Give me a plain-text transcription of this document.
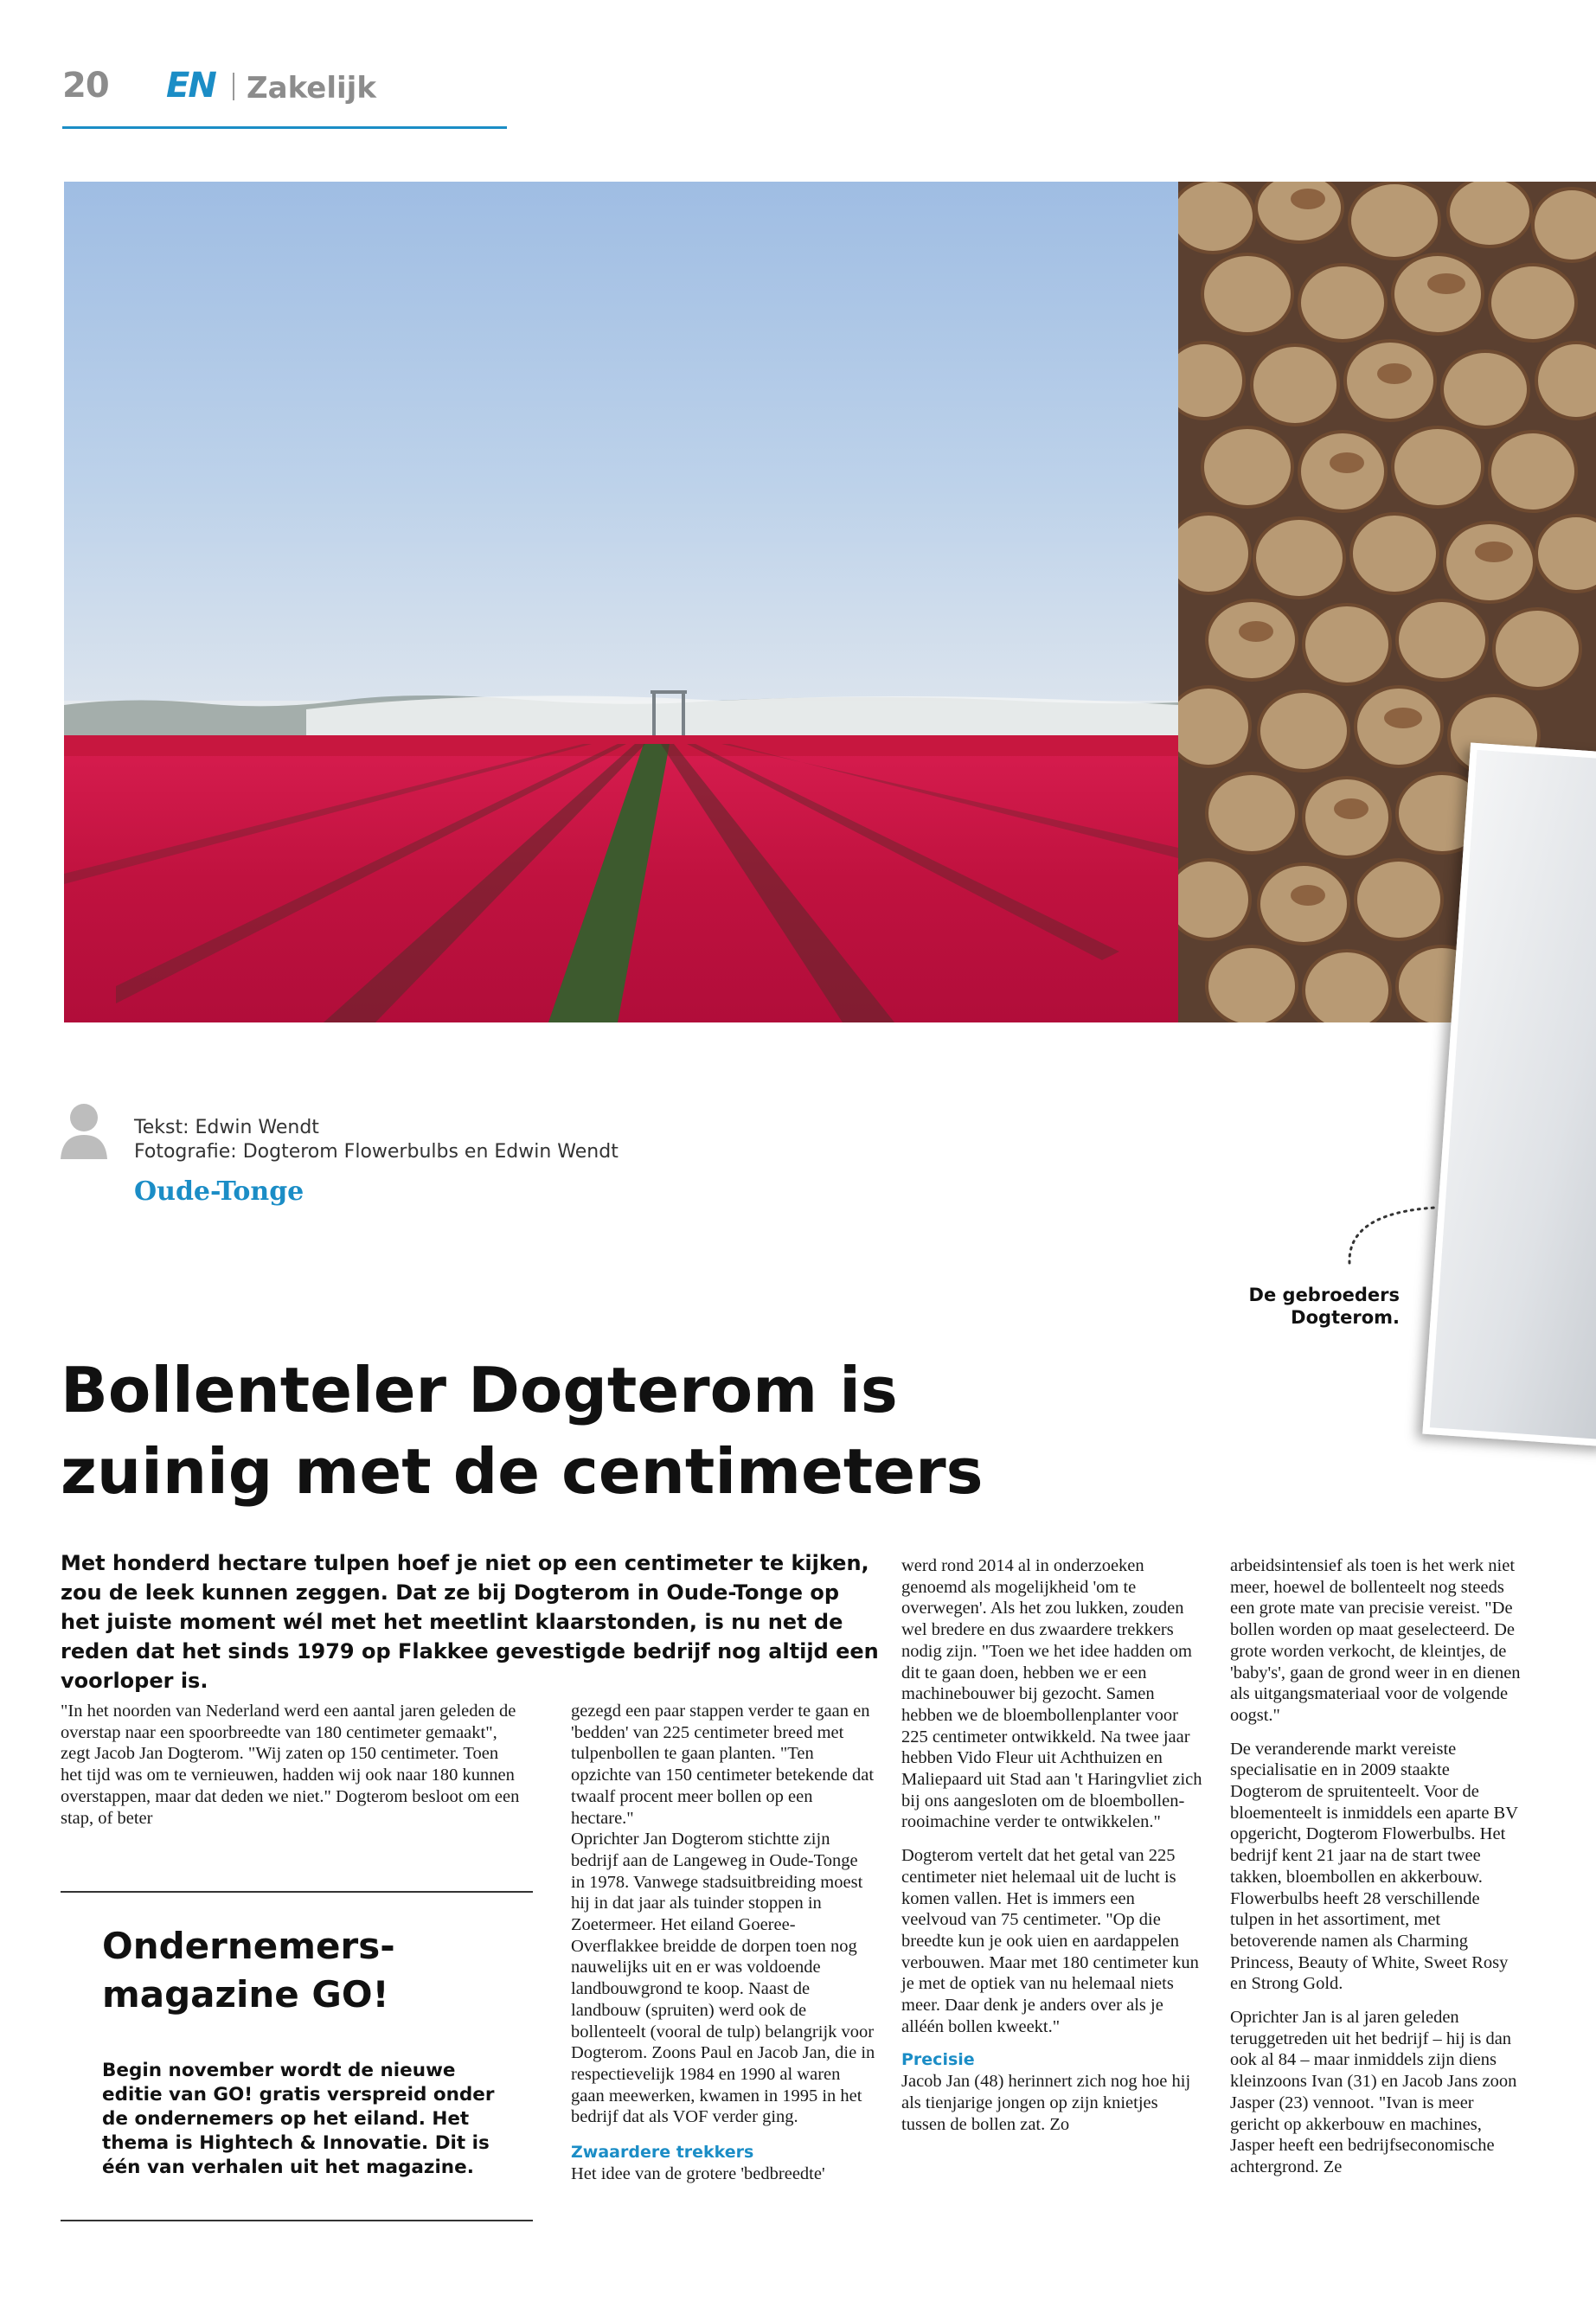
20 EN Zakelijk
Tekst: Edwin Wendt
Fotografie: Dogterom Flowerbulbs en Edwin Wendt
Oude-Tonge
De gebroeders
Dogterom.
Bollenteler Dogterom is
zuinig met de centimeters
Met honderd hectare tulpen hoef je niet op een centimeter te kijken, zou de leek kunnen zeggen. Dat ze bij Dogterom in Oude-Tonge op het juiste moment wél met het meetlint klaarstonden, is nu net de reden dat het sinds 1979 op Flakkee gevestigde bedrijf nog altijd een voorloper is.

"In het noorden van Nederland werd een aantal jaren geleden de overstap naar een spoorbreedte van 180 centimeter gemaakt", zegt Jacob Jan Dogterom. "Wij zaten op 150 centimeter. Toen het tijd was om te vernieuwen, hadden wij ook naar 180 kunnen overstappen, maar dat deden we niet." Dogterom besloot om een stap, of beter

gezegd een paar stappen verder te gaan en 'bedden' van 225 centimeter breed met tulpenbollen te gaan planten. "Ten opzichte van 150 centimeter betekende dat twaalf procent meer bollen op een hectare."

Oprichter Jan Dogterom stichtte zijn bedrijf aan de Langeweg in Oude-Tonge in 1978. Vanwege stadsuitbreiding moest hij in dat jaar als tuinder stoppen in Zoetermeer. Het eiland Goeree-Overflakkee breidde de dorpen toen nog nauwelijks uit en er was voldoende landbouwgrond te koop. Naast de landbouw (spruiten) werd ook de bollenteelt (vooral de tulp) belangrijk voor Dogterom. Zoons Paul en Jacob Jan, die in respectievelijk 1984 en 1990 al waren gaan meewerken, kwamen in 1995 in het bedrijf dat als VOF verder ging.

Zwaardere trekkers

Het idee van de grotere 'bedbreedte'

werd rond 2014 al in onderzoeken genoemd als mogelijkheid 'om te overwegen'. Als het zou lukken, zouden wel bredere en dus zwaardere trekkers nodig zijn. "Toen we het idee hadden om dit te gaan doen, hebben we er een machinebouwer bij gezocht. Samen hebben we de bloembollenplanter voor 225 centimeter ontwikkeld. Na twee jaar hebben Vido Fleur uit Achthuizen en Maliepaard uit Stad aan 't Haringvliet zich bij ons aangesloten om de bloembollen-rooimachine verder te ontwikkelen."

Dogterom vertelt dat het getal van 225 centimeter niet helemaal uit de lucht is komen vallen. Het is immers een veelvoud van 75 centimeter. "Op die breedte kun je ook uien en aardappelen verbouwen. Maar met 180 centimeter kun je met de optiek van nu helemaal niets meer. Daar denk je anders over als je alléén bollen kweekt."

Precisie

Jacob Jan (48) herinnert zich nog hoe hij als tienjarige jongen op zijn knietjes tussen de bollen zat. Zo

arbeidsintensief als toen is het werk niet meer, hoewel de bollenteelt nog steeds een grote mate van precisie vereist. "De bollen worden op maat geselecteerd. De grote worden verkocht, de kleintjes, de 'baby's', gaan de grond weer in en dienen als uitgangsmateriaal voor de volgende oogst."

De veranderende markt vereiste specialisatie en in 2009 staakte Dogterom de spruitenteelt. Voor de bloementeelt is inmiddels een aparte BV opgericht, Dogterom Flowerbulbs. Het bedrijf kent 21 jaar na de start twee takken, bloembollen en akkerbouw. Flowerbulbs heeft 28 verschillende tulpen in het assortiment, met betoverende namen als Charming Princess, Beauty of White, Sweet Rosy en Strong Gold.

Oprichter Jan is al jaren geleden teruggetreden uit het bedrijf – hij is dan ook al 84 – maar inmiddels zijn diens kleinzoons Ivan (31) en Jacob Jans zoon Jasper (23) vennoot. "Ivan is meer gericht op akkerbouw en machines, Jasper heeft een bedrijfseconomische achtergrond. Ze

Ondernemers-
magazine GO!
Begin november wordt de nieuwe editie van GO! gratis verspreid onder de ondernemers op het eiland. Het thema is Hightech & Innovatie. Dit is één van verhalen uit het magazine.
